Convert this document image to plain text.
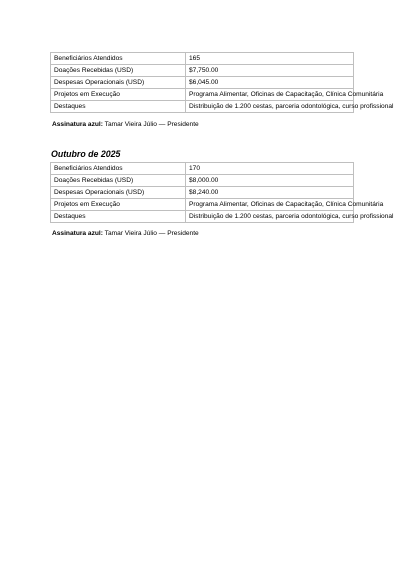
Beneficiários Atendidos	165
Doações Recebidas (USD)	$7,750.00
Despesas Operacionais (USD)	$6,045.00
Projetos em Execução	Programa Alimentar, Oficinas de Capacitação, Clínica Comunitária
Destaques	Distribuição de 1.200 cestas, parceria odontológica, curso profissional
Assinatura azul: Tamar Vieira Júlio — Presidente
Outubro de 2025
Beneficiários Atendidos	170
Doações Recebidas (USD)	$8,000.00
Despesas Operacionais (USD)	$8,240.00
Projetos em Execução	Programa Alimentar, Oficinas de Capacitação, Clínica Comunitária
Destaques	Distribuição de 1.200 cestas, parceria odontológica, curso profissional
Assinatura azul: Tamar Vieira Júlio — Presidente
